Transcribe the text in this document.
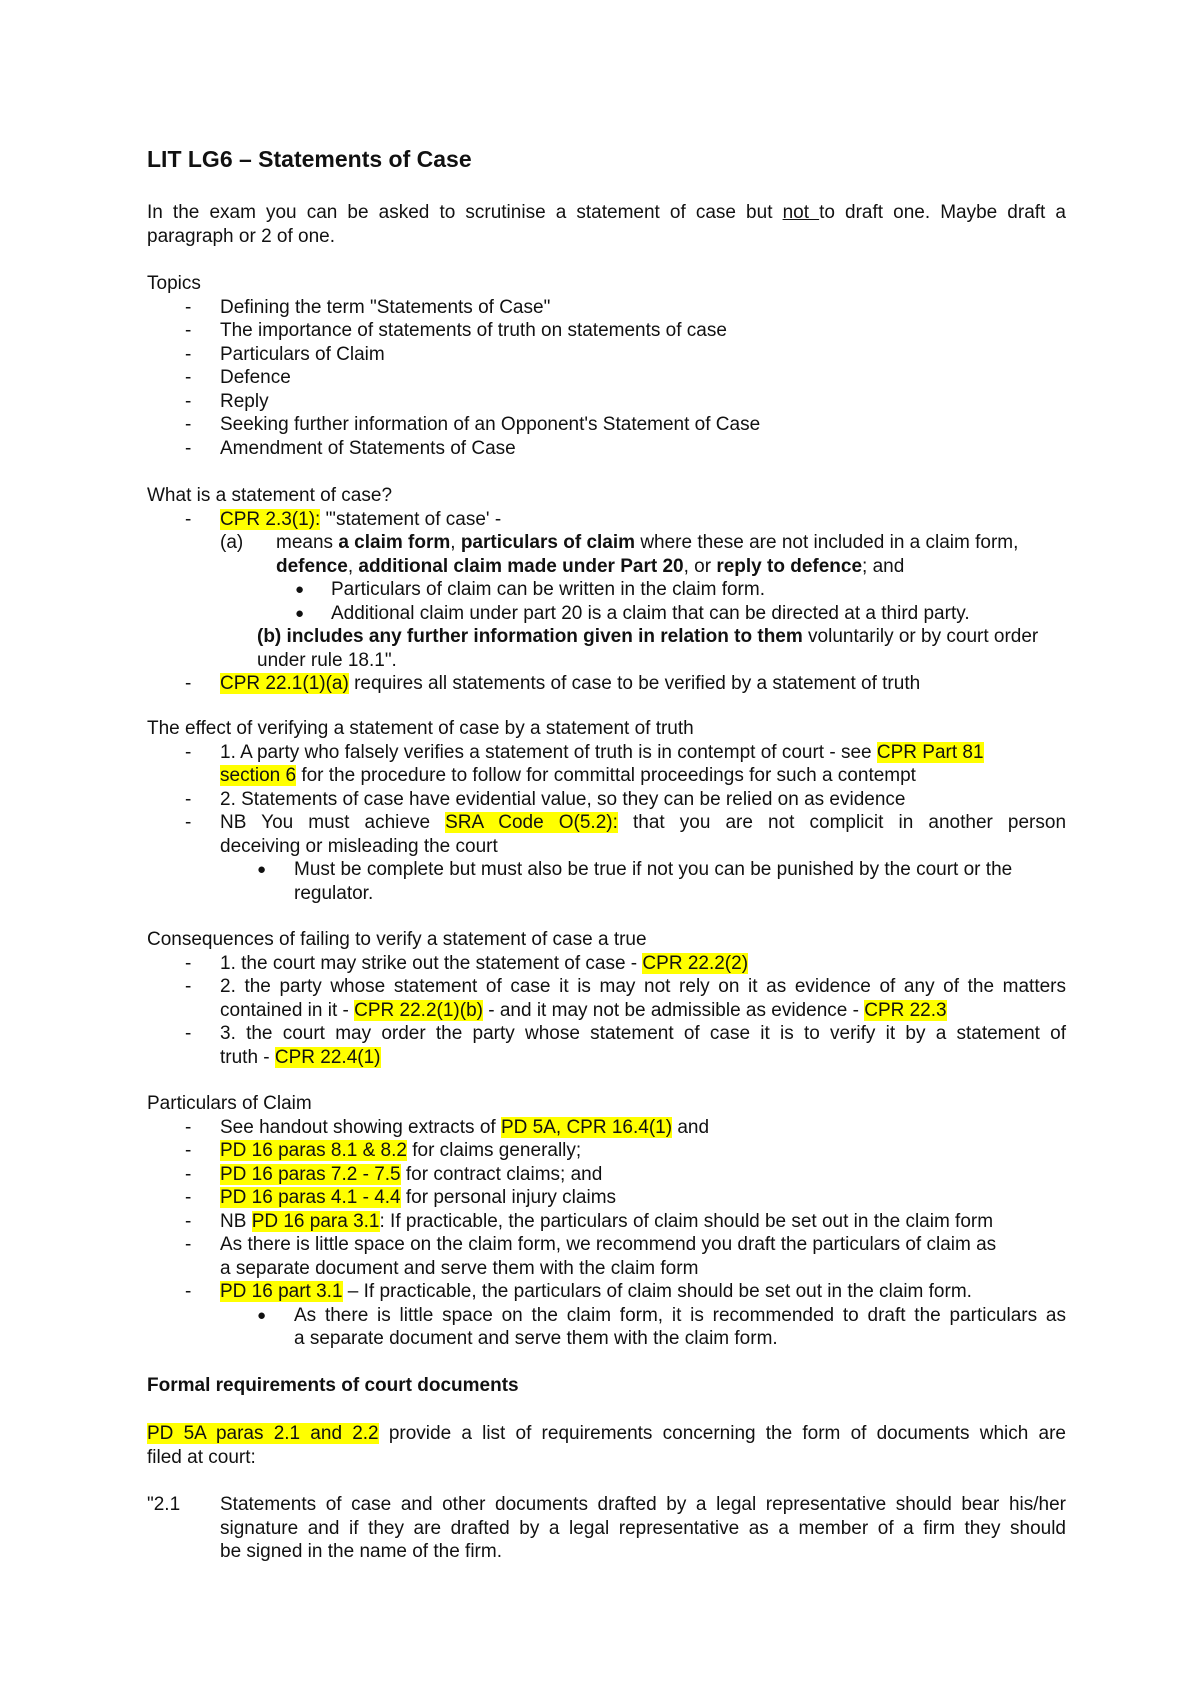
LIT LG6 – Statements of Case
In the exam you can be asked to scrutinise a statement of case but not to draft one. Maybe draft a
paragraph or 2 of one.
Topics
- Defining the term "Statements of Case"
- The importance of statements of truth on statements of case
- Particulars of Claim
- Defence
- Reply
- Seeking further information of an Opponent's Statement of Case
- Amendment of Statements of Case
What is a statement of case?
- CPR 2.3(1): "'statement of case' -
(a)	means a claim form, particulars of claim where these are not included in a claim form,
defence, additional claim made under Part 20, or reply to defence; and
● Particulars of claim can be written in the claim form.
● Additional claim under part 20 is a claim that can be directed at a third party.
(b) includes any further information given in relation to them voluntarily or by court order
under rule 18.1".
- CPR 22.1(1)(a) requires all statements of case to be verified by a statement of truth
The effect of verifying a statement of case by a statement of truth
- 1. A party who falsely verifies a statement of truth is in contempt of court - see CPR Part 81
section 6 for the procedure to follow for committal proceedings for such a contempt
- 2. Statements of case have evidential value, so they can be relied on as evidence
- NB You must achieve SRA Code O(5.2): that you are not complicit in another person
deceiving or misleading the court
● Must be complete but must also be true if not you can be punished by the court or the
regulator.
Consequences of failing to verify a statement of case a true
- 1. the court may strike out the statement of case - CPR 22.2(2)
- 2. the party whose statement of case it is may not rely on it as evidence of any of the matters
contained in it - CPR 22.2(1)(b) - and it may not be admissible as evidence - CPR 22.3
- 3. the court may order the party whose statement of case it is to verify it by a statement of
truth - CPR 22.4(1)
Particulars of Claim
- See handout showing extracts of PD 5A, CPR 16.4(1) and
- PD 16 paras 8.1 & 8.2 for claims generally;
- PD 16 paras 7.2 - 7.5 for contract claims; and
- PD 16 paras 4.1 - 4.4 for personal injury claims
- NB PD 16 para 3.1: If practicable, the particulars of claim should be set out in the claim form
- As there is little space on the claim form, we recommend you draft the particulars of claim as
a separate document and serve them with the claim form
- PD 16 part 3.1 – If practicable, the particulars of claim should be set out in the claim form.
● As there is little space on the claim form, it is recommended to draft the particulars as
a separate document and serve them with the claim form.
Formal requirements of court documents
PD 5A paras 2.1 and 2.2 provide a list of requirements concerning the form of documents which are
filed at court:
"2.1 Statements of case and other documents drafted by a legal representative should bear his/her
signature and if they are drafted by a legal representative as a member of a firm they should
be signed in the name of the firm.
